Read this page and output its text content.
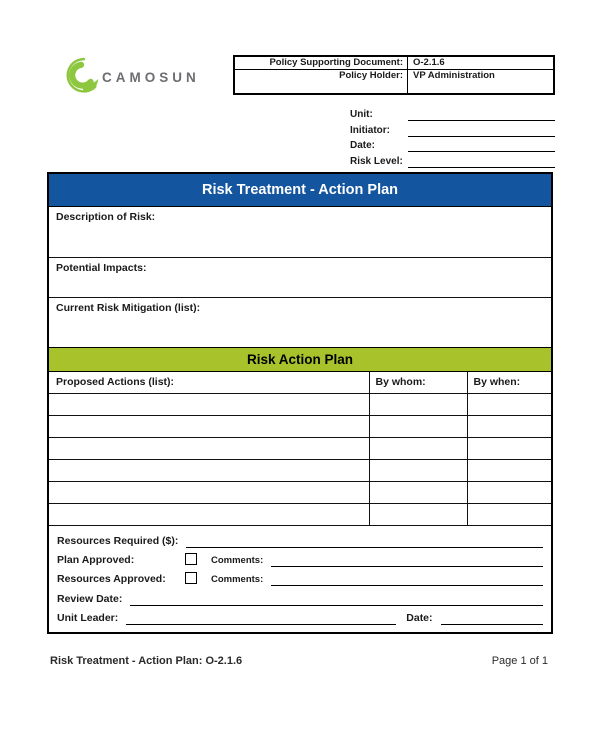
CAMOSUN
Policy Supporting Document:	O-2.1.6
Policy Holder:	VP Administration
Unit:
Initiator:
Date:
Risk Level:
Risk Treatment - Action Plan
Description of Risk:
Potential Impacts:
Current Risk Mitigation (list):
Risk Action Plan
Proposed Actions (list):	By whom:	By when:

Resources Required ($):
Plan Approved:	Comments:
Resources Approved:	Comments:
Review Date:
Unit Leader:	Date:
Risk Treatment - Action Plan: O-2.1.6	Page 1 of 1
